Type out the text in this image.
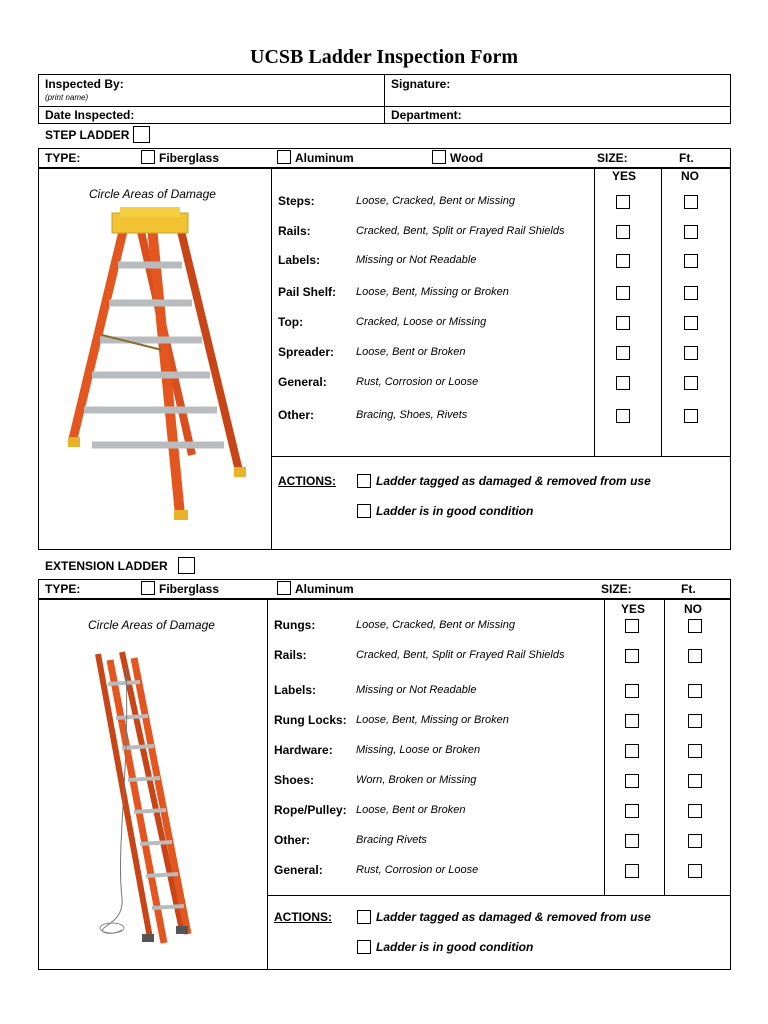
UCSB Ladder Inspection Form
Inspected By:
(print name)
Signature:
Date Inspected:	Department:
STEP LADDER
TYPE:	Fiberglass	Aluminum	Wood	SIZE:	Ft.
YES	NO
Circle Areas of Damage	Steps:	Loose, Cracked, Bent or Missing
Rails:	Cracked, Bent, Split or Frayed Rail Shields
Labels:	Missing or Not Readable
Pail Shelf: Loose, Bent, Missing or Broken
Top:	Cracked, Loose or Missing
Spreader: Loose, Bent or Broken
General:	Rust, Corrosion or Loose
Other:	Bracing, Shoes, Rivets
ACTIONS:	Ladder tagged as damaged & removed from use
Ladder is in good condition
EXTENSION LADDER
TYPE:	Fiberglass	Aluminum	SIZE:	Ft.
YES	NO
Circle Areas of Damage	Rungs:	Loose, Cracked, Bent or Missing
Rails:	Cracked, Bent, Split or Frayed Rail Shields
Labels:	Missing or Not Readable
Rung Locks: Loose, Bent, Missing or Broken
Hardware: Missing, Loose or Broken
Shoes:	Worn, Broken or Missing
Rope/Pulley: Loose, Bent or Broken
Other:	Bracing Rivets
General:	Rust, Corrosion or Loose
ACTIONS:	Ladder tagged as damaged & removed from use
Ladder is in good condition
